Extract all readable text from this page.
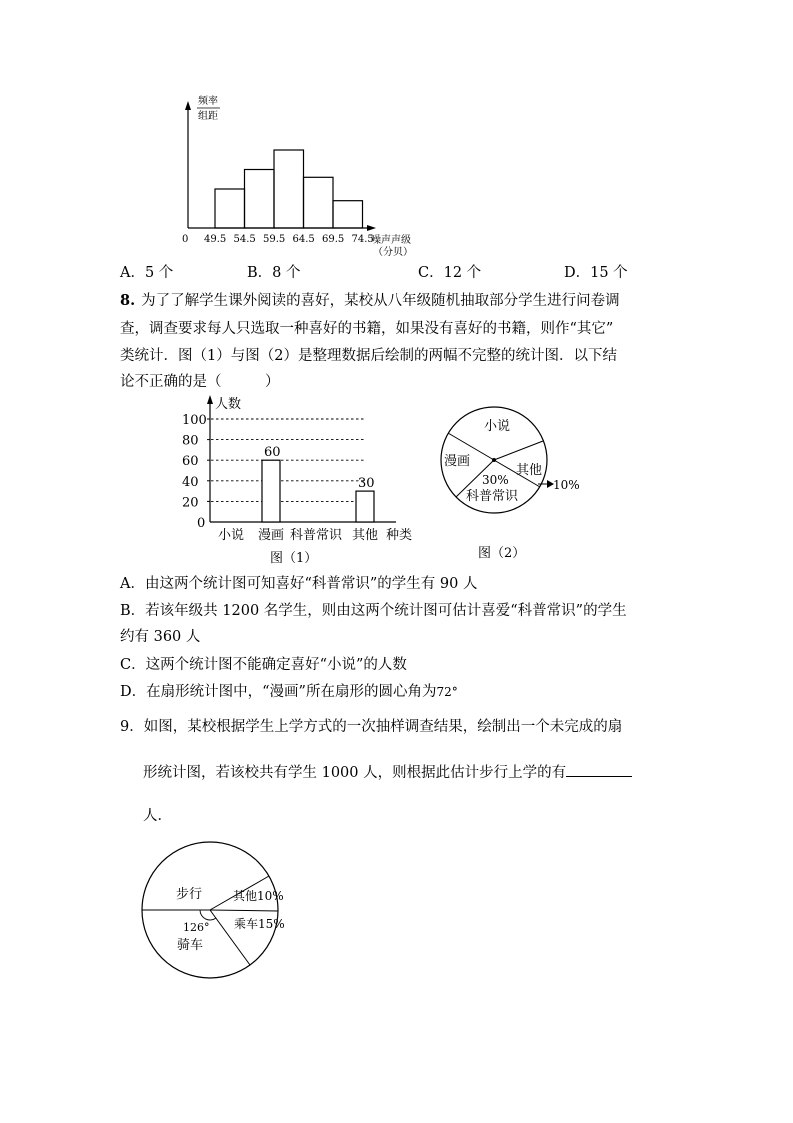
频率
组距
0 49.5 54.5 59.5 64.5 69.5 74.5
噪声声级
（分贝）
A．5 个	B．8 个	C．12 个	D．15 个
8. 为了了解学生课外阅读的喜好，某校从八年级随机抽取部分学生进行问卷调
查，调查要求每人只选取一种喜好的书籍，如果没有喜好的书籍，则作“其它”
类统计．图（1）与图（2）是整理数据后绘制的两幅不完整的统计图．以下结
论不正确的是（　　　）
人数
0
100
80
60
40
20
60
30
小说 漫画 科普常识 其他 种类
图（1）
小说
漫画
其他
30%
科普常识
10%
图（2）
A．由这两个统计图可知喜好“科普常识”的学生有 90 人
B．若该年级共 1200 名学生，则由这两个统计图可估计喜爱“科普常识”的学生
约有 360 人
C．这两个统计图不能确定喜好“小说”的人数
D．在扇形统计图中，“漫画”所在扇形的圆心角为72°
9．如图，某校根据学生上学方式的一次抽样调查结果，绘制出一个未完成的扇
形统计图，若该校共有学生 1000 人，则根据此估计步行上学的有
人．
步行	其他10%
乘车15%
126°
骑车
